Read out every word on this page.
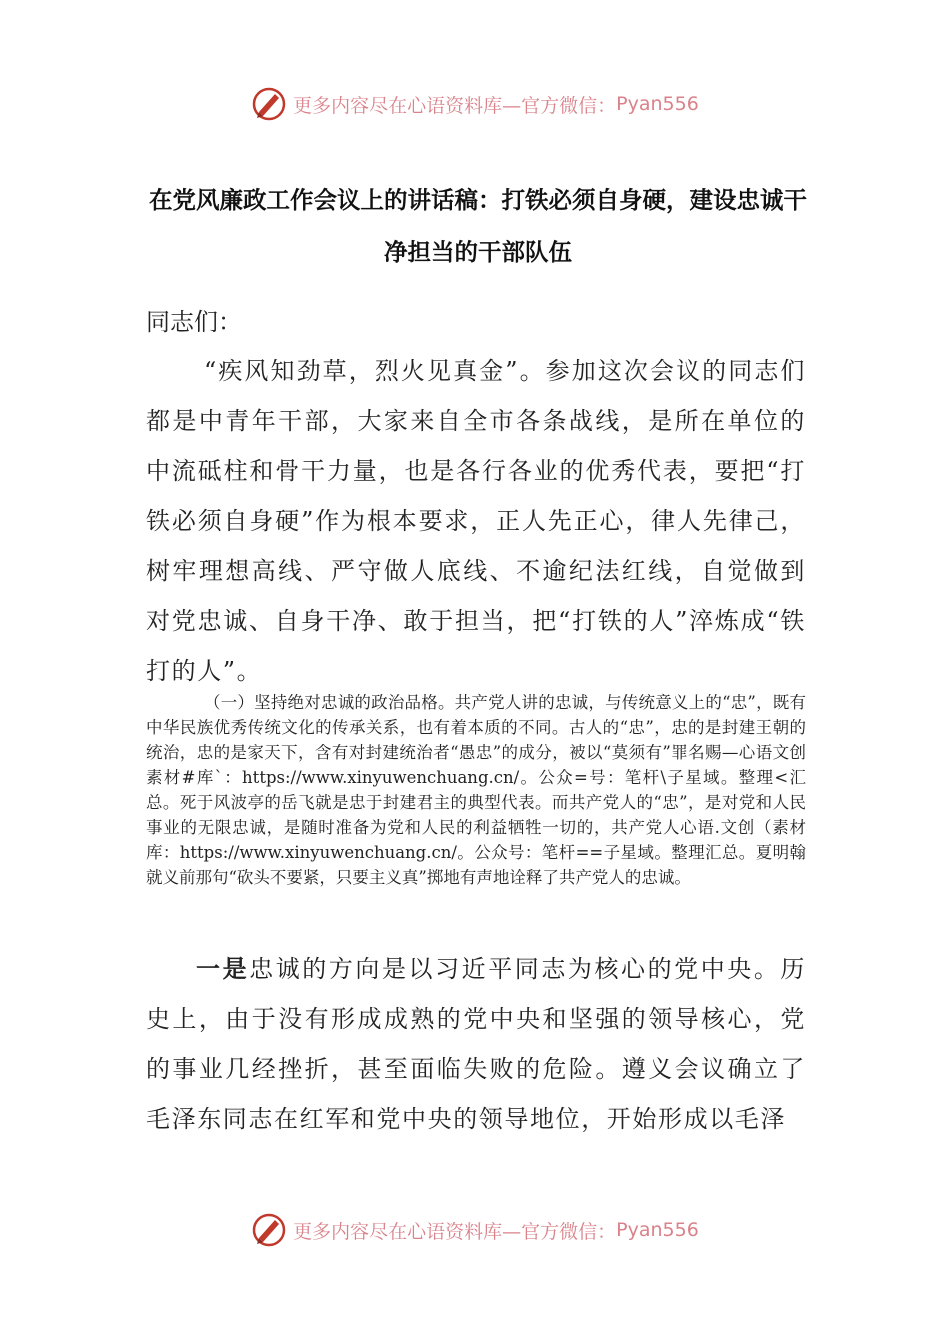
更多内容尽在心语资料库—官方微信： Pyan556
在党风廉政工作会议上的讲话稿：打铁必须自身硬，建设忠诚干净担当的干部队伍
同志们：
“疾风知劲草，烈火见真金”。参加这次会议的同志们都是中青年干部，大家来自全市各条战线，是所在单位的中流砥柱和骨干力量，也是各行各业的优秀代表，要把“打铁必须自身硬”作为根本要求，正人先正心，律人先律己，树牢理想高线、严守做人底线、不逾纪法红线，自觉做到对党忠诚、自身干净、敢于担当，把“打铁的人”淬炼成“铁打的人”。
（一）坚持绝对忠诚的政治品格。共产党人讲的忠诚，与传统意义上的“忠”，既有中华民族优秀传统文化的传承关系，也有着本质的不同。古人的“忠”，忠的是封建王朝的统治，忠的是家天下，含有对封建统治者“愚忠”的成分，被以“莫须有”罪名赐—心语文创素材#库`：https://www.xinyuwenchuang.cn/。公众=号：笔杆\子星域。整理<汇总。死于风波亭的岳飞就是忠于封建君主的典型代表。而共产党人的“忠”，是对党和人民事业的无限忠诚，是随时准备为党和人民的利益牺牲一切的，共产党人心语.文创（素材库：https://www.xinyuwenchuang.cn/。公众号：笔杆==子星域。整理汇总。夏明翰就义前那句“砍头不要紧，只要主义真”掷地有声地诠释了共产党人的忠诚。
一是忠诚的方向是以习近平同志为核心的党中央。历史上，由于没有形成成熟的党中央和坚强的领导核心，党的事业几经挫折，甚至面临失败的危险。遵义会议确立了毛泽东同志在红军和党中央的领导地位，开始形成以毛泽
更多内容尽在心语资料库—官方微信： Pyan556
